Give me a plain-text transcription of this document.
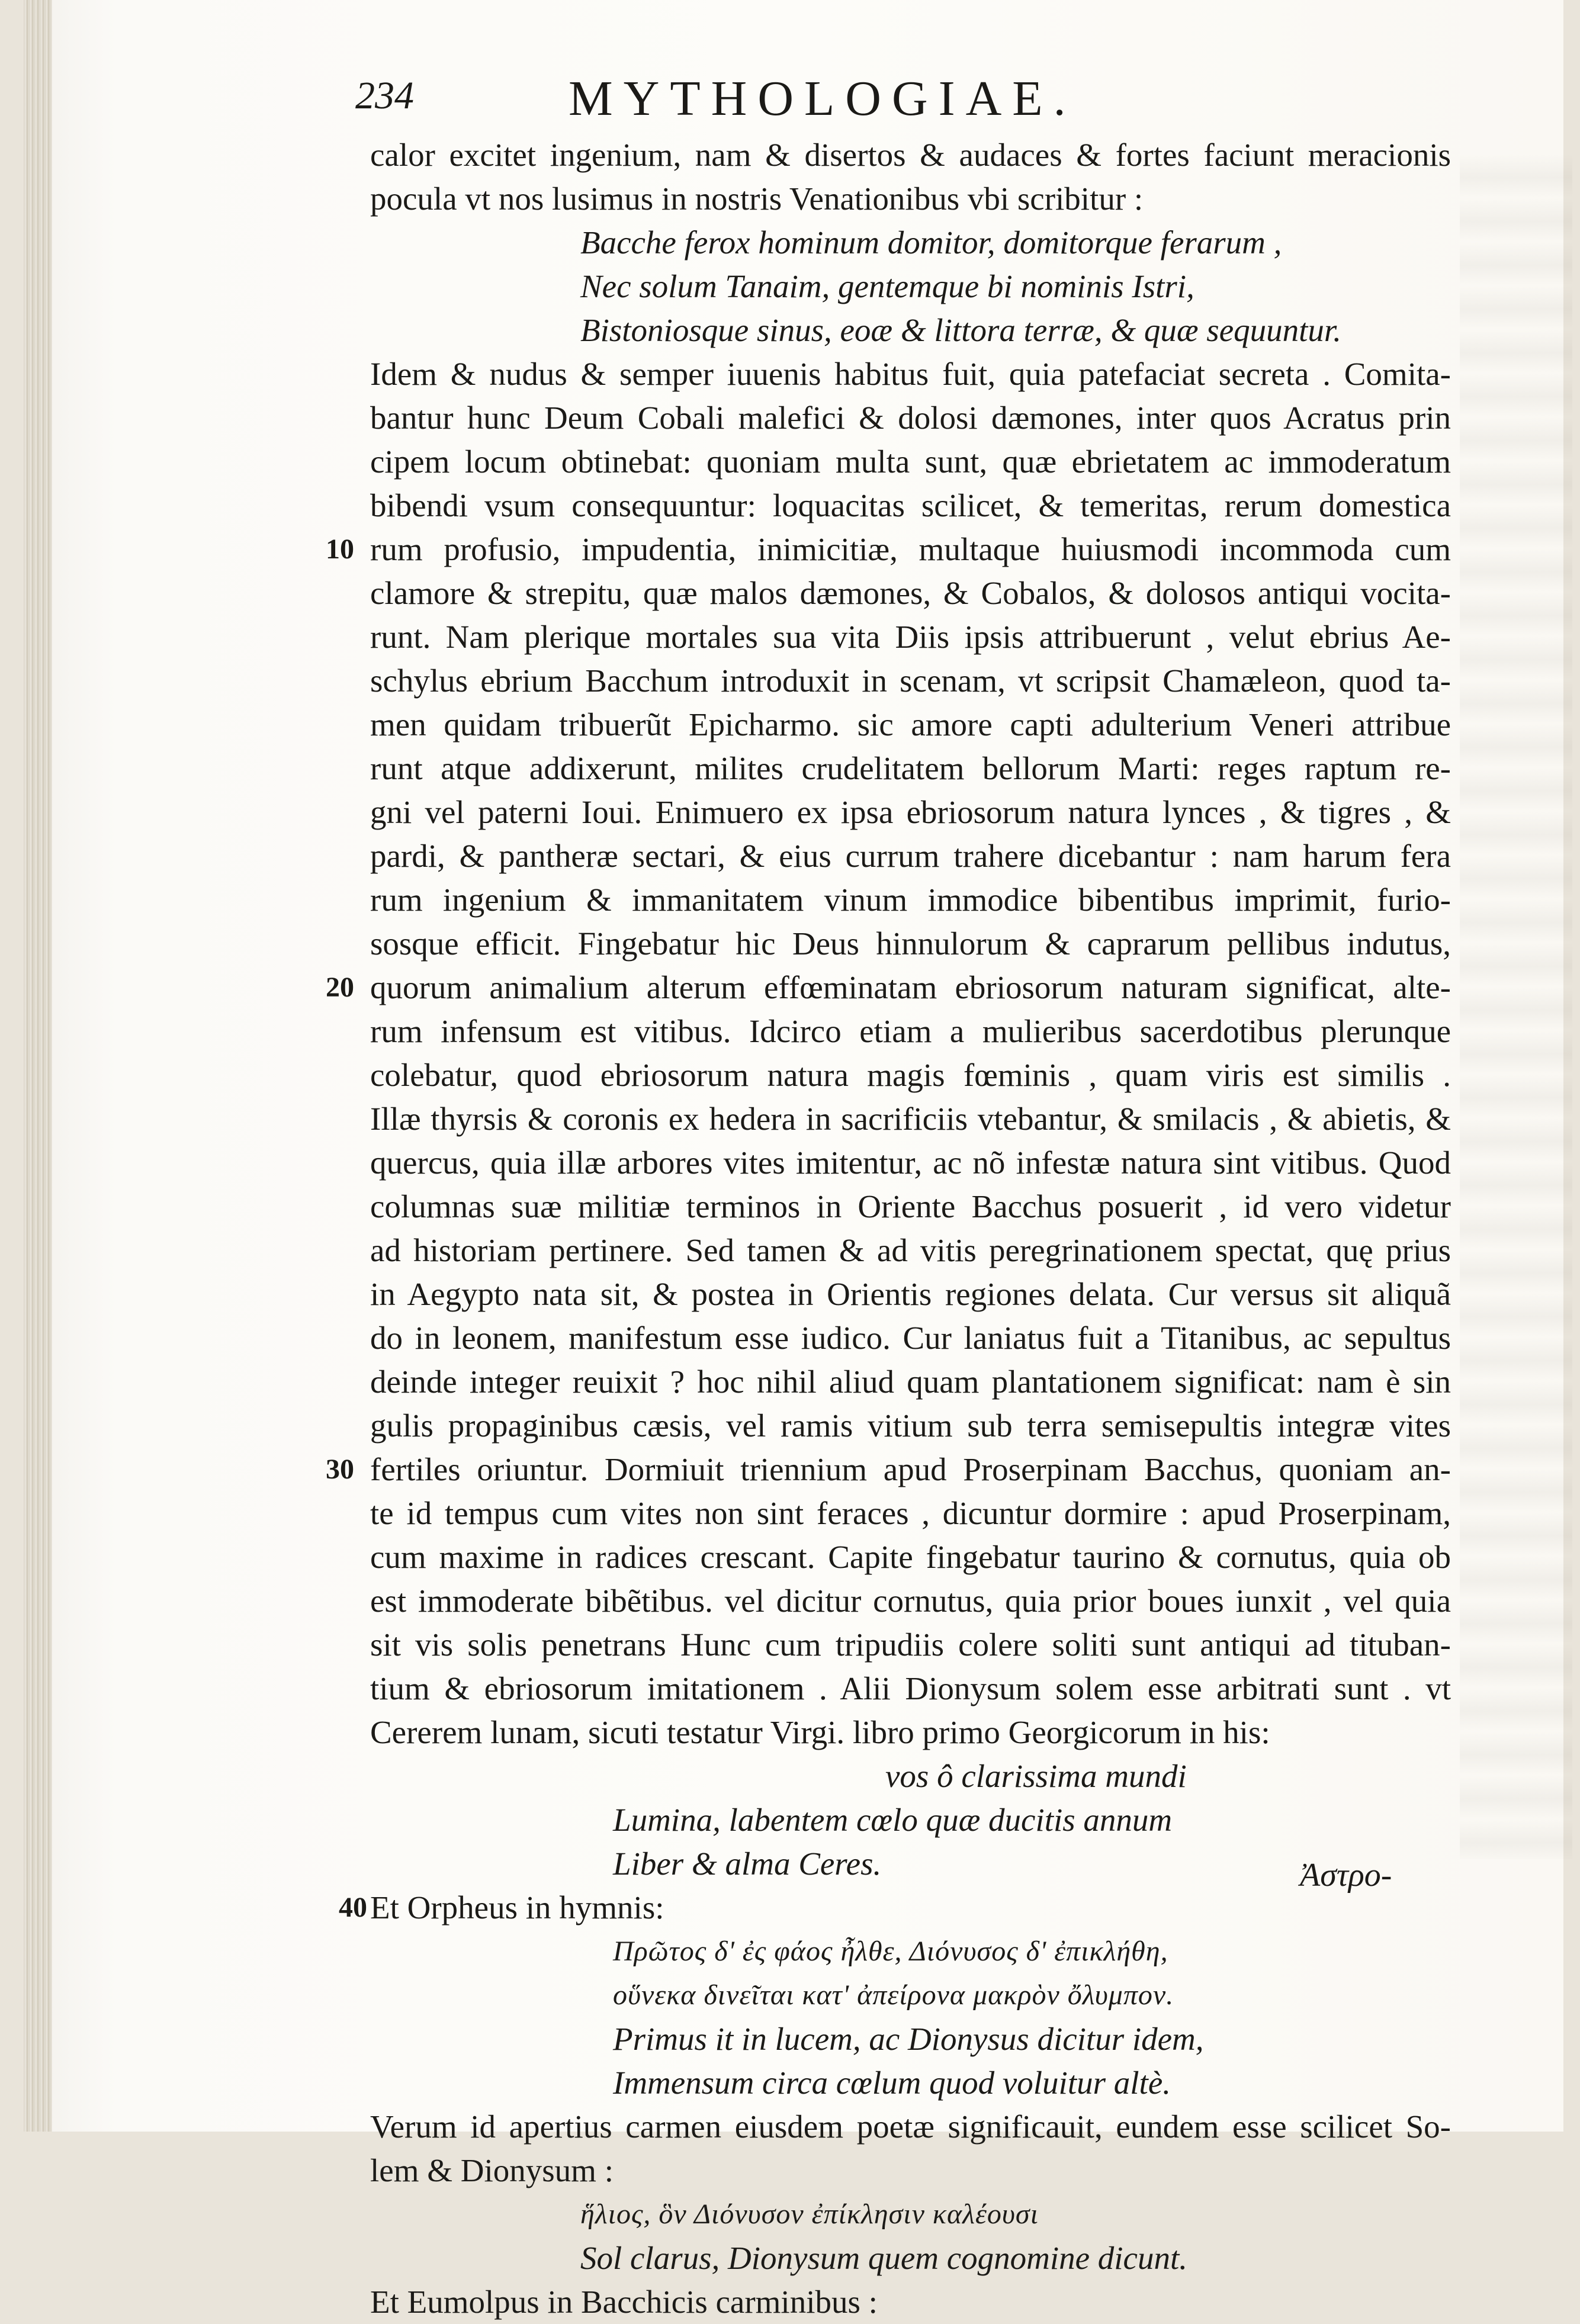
234	MYTHOLOGIAE.
calor excitet ingenium, nam & disertos & audaces & fortes faciunt meracionis
pocula vt nos lusimus in nostris Venationibus vbi scribitur :
Bacche ferox hominum domitor, domitorque ferarum ,
Nec solum Tanaim, gentemque bi nominis Istri,
Bistoniosque sinus, eoæ & littora terræ, & quæ sequuntur.
Idem & nudus & semper iuuenis habitus fuit, quia patefaciat secreta . Comita-
bantur hunc Deum Cobali malefici & dolosi dæmones, inter quos Acratus prin
cipem locum obtinebat: quoniam multa sunt, quæ ebrietatem ac immoderatum
bibendi vsum consequuntur: loquacitas scilicet, & temeritas, rerum domestica
10 rum profusio, impudentia, inimicitiæ, multaque huiusmodi incommoda cum
clamore & strepitu, quæ malos dæmones, & Cobalos, & dolosos antiqui vocita-
runt. Nam plerique mortales sua vita Diis ipsis attribuerunt , velut ebrius Ae-
schylus ebrium Bacchum introduxit in scenam, vt scripsit Chamæleon, quod ta-
men quidam tribuerũt Epicharmo. sic amore capti adulterium Veneri attribue
runt atque addixerunt, milites crudelitatem bellorum Marti: reges raptum re-
gni vel paterni Ioui. Enimuero ex ipsa ebriosorum natura lynces , & tigres , &
pardi, & pantheræ sectari, & eius currum trahere dicebantur : nam harum fera
rum ingenium & immanitatem vinum immodice bibentibus imprimit, furio-
sosque efficit. Fingebatur hic Deus hinnulorum & caprarum pellibus indutus,
20 quorum animalium alterum effœminatam ebriosorum naturam significat, alte-
rum infensum est vitibus. Idcirco etiam a mulieribus sacerdotibus plerunque
colebatur, quod ebriosorum natura magis fœminis , quam viris est similis .
Illæ thyrsis & coronis ex hedera in sacrificiis vtebantur, & smilacis , & abietis, &
quercus, quia illæ arbores vites imitentur, ac nõ infestæ natura sint vitibus. Quod
columnas suæ militiæ terminos in Oriente Bacchus posuerit , id vero videtur
ad historiam pertinere. Sed tamen & ad vitis peregrinationem spectat, quę prius
in Aegypto nata sit, & postea in Orientis regiones delata. Cur versus sit aliquã
do in leonem, manifestum esse iudico. Cur laniatus fuit a Titanibus, ac sepultus
deinde integer reuixit ? hoc nihil aliud quam plantationem significat: nam è sin
gulis propaginibus cæsis, vel ramis vitium sub terra semisepultis integræ vites
30 fertiles oriuntur. Dormiuit triennium apud Proserpinam Bacchus, quoniam an-
te id tempus cum vites non sint feraces , dicuntur dormire : apud Proserpinam,
cum maxime in radices crescant. Capite fingebatur taurino & cornutus, quia ob
est immoderate bibẽtibus. vel dicitur cornutus, quia prior boues iunxit , vel quia
sit vis solis penetrans Hunc cum tripudiis colere soliti sunt antiqui ad tituban-
tium & ebriosorum imitationem . Alii Dionysum solem esse arbitrati sunt . vt
Cererem lunam, sicuti testatur Virgi. libro primo Georgicorum in his:
vos ô clarissima mundi
Lumina, labentem cœlo quæ ducitis annum
Liber & alma Ceres.
40 Et Orpheus in hymnis:
Πρῶτος δ' ἐς φάος ἦλθε, Διόνυσος δ' ἐπικλήθη,
οὕνεκα δινεῖται κατ' ἀπείρονα μακρὸν ὄλυμπον.
Primus it in lucem, ac Dionysus dicitur idem,
Immensum circa cœlum quod voluitur altè.
Verum id apertius carmen eiusdem poetæ significauit, eundem esse scilicet So-
lem & Dionysum :
ἥλιος, ὃν Διόνυσον ἐπίκλησιν καλέουσι
Sol clarus, Dionysum quem cognomine dicunt.
Et Eumolpus in Bacchicis carminibus :
Ἀστρο-
